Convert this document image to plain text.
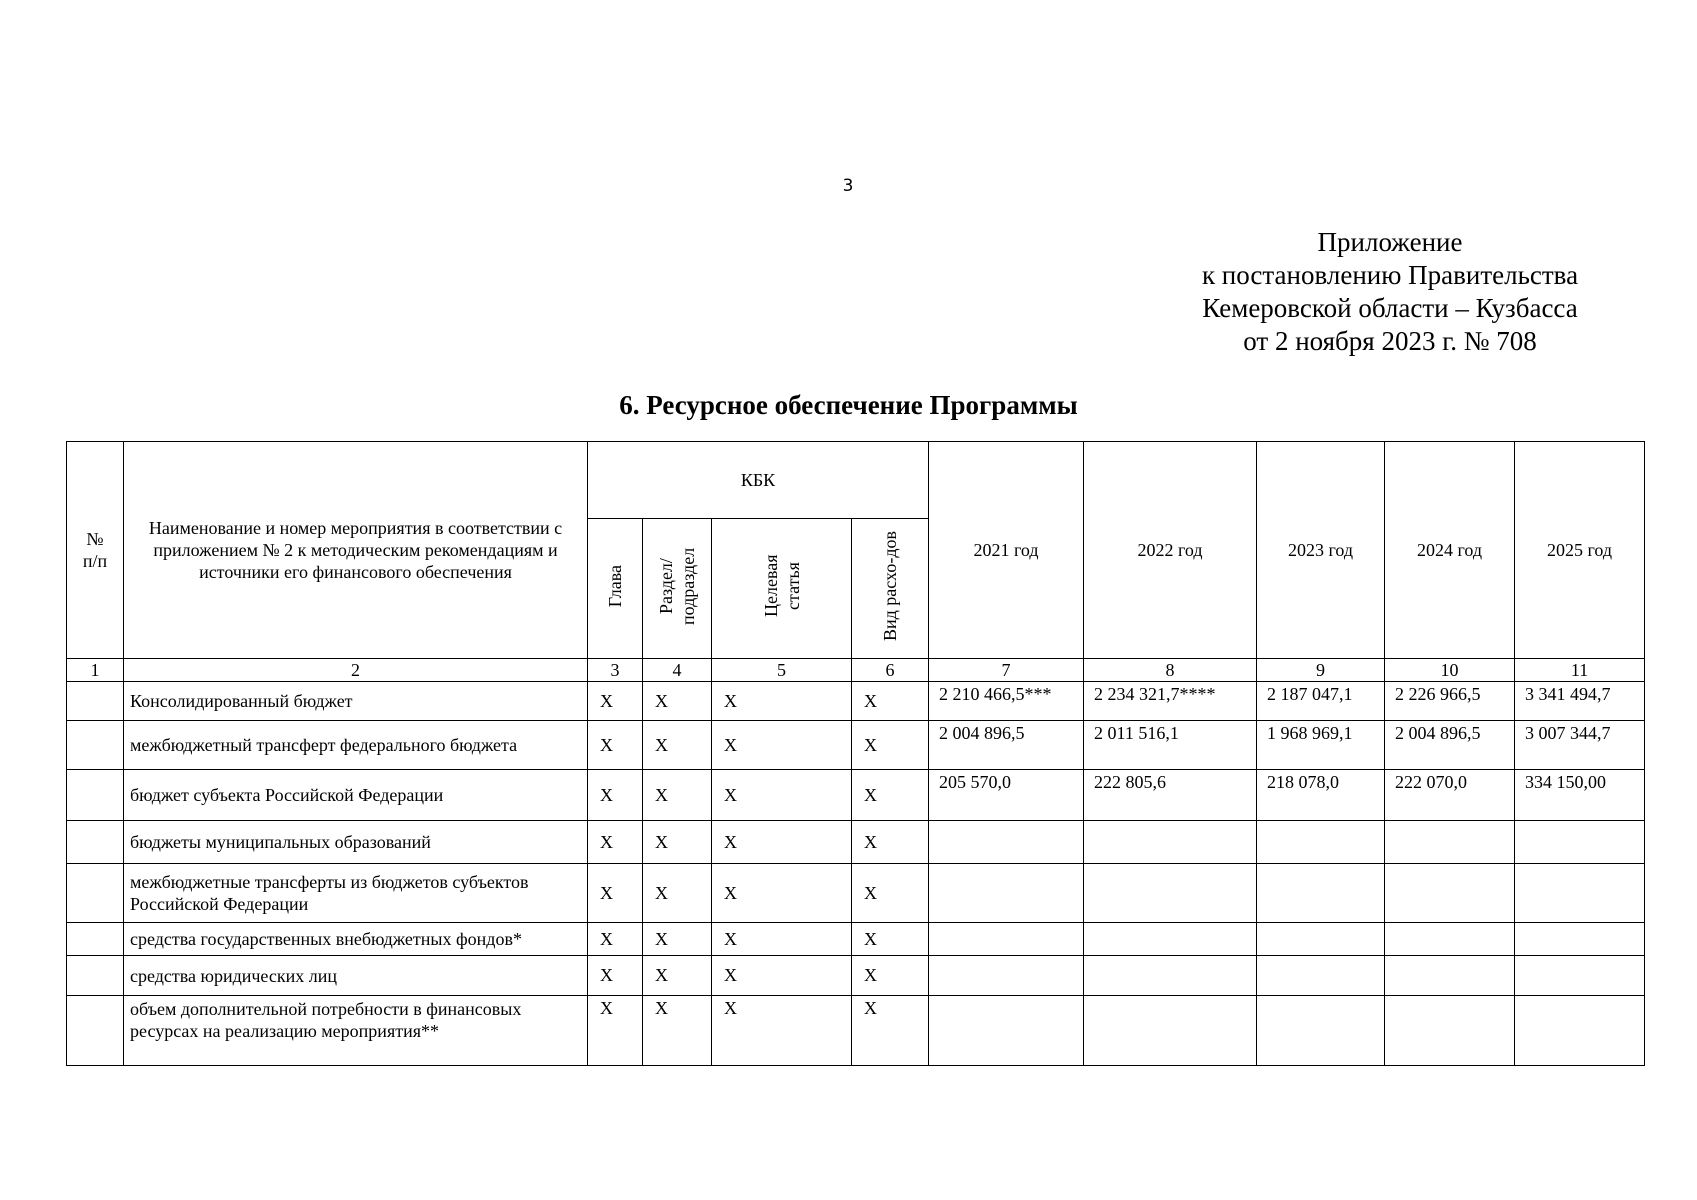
3
Приложение
к постановлению Правительства
Кемеровской области – Кузбасса
от 2 ноября 2023 г. № 708
6. Ресурсное обеспечение Программы
№ п/п	Наименование и номер мероприятия в соответствии с приложением № 2 к методическим рекомендациям и источники его финансового обеспечения	КБК				2021 год	2022 год	2023 год	2024 год	2025 год
		Глава	Раздел/ подраздел	Целевая статья	Вид расхо-дов					
1	2	3	4	5	6	7	8	9	10	11
	Консолидированный бюджет	X	X	X	X	2 210 466,5***	2 234 321,7****	2 187 047,1	2 226 966,5	3 341 494,7
	межбюджетный трансферт федерального бюджета	X	X	X	X	2 004 896,5	2 011 516,1	1 968 969,1	2 004 896,5	3 007 344,7
	бюджет субъекта Российской Федерации	X	X	X	X	205 570,0	222 805,6	218 078,0	222 070,0	334 150,00
	бюджеты муниципальных образований	X	X	X	X					
	межбюджетные трансферты из бюджетов субъектов Российской Федерации	X	X	X	X					
	средства государственных внебюджетных фондов*	X	X	X	X					
	средства юридических лиц	X	X	X	X					
	объем дополнительной потребности в финансовых ресурсах на реализацию мероприятия**	X	X	X	X					
